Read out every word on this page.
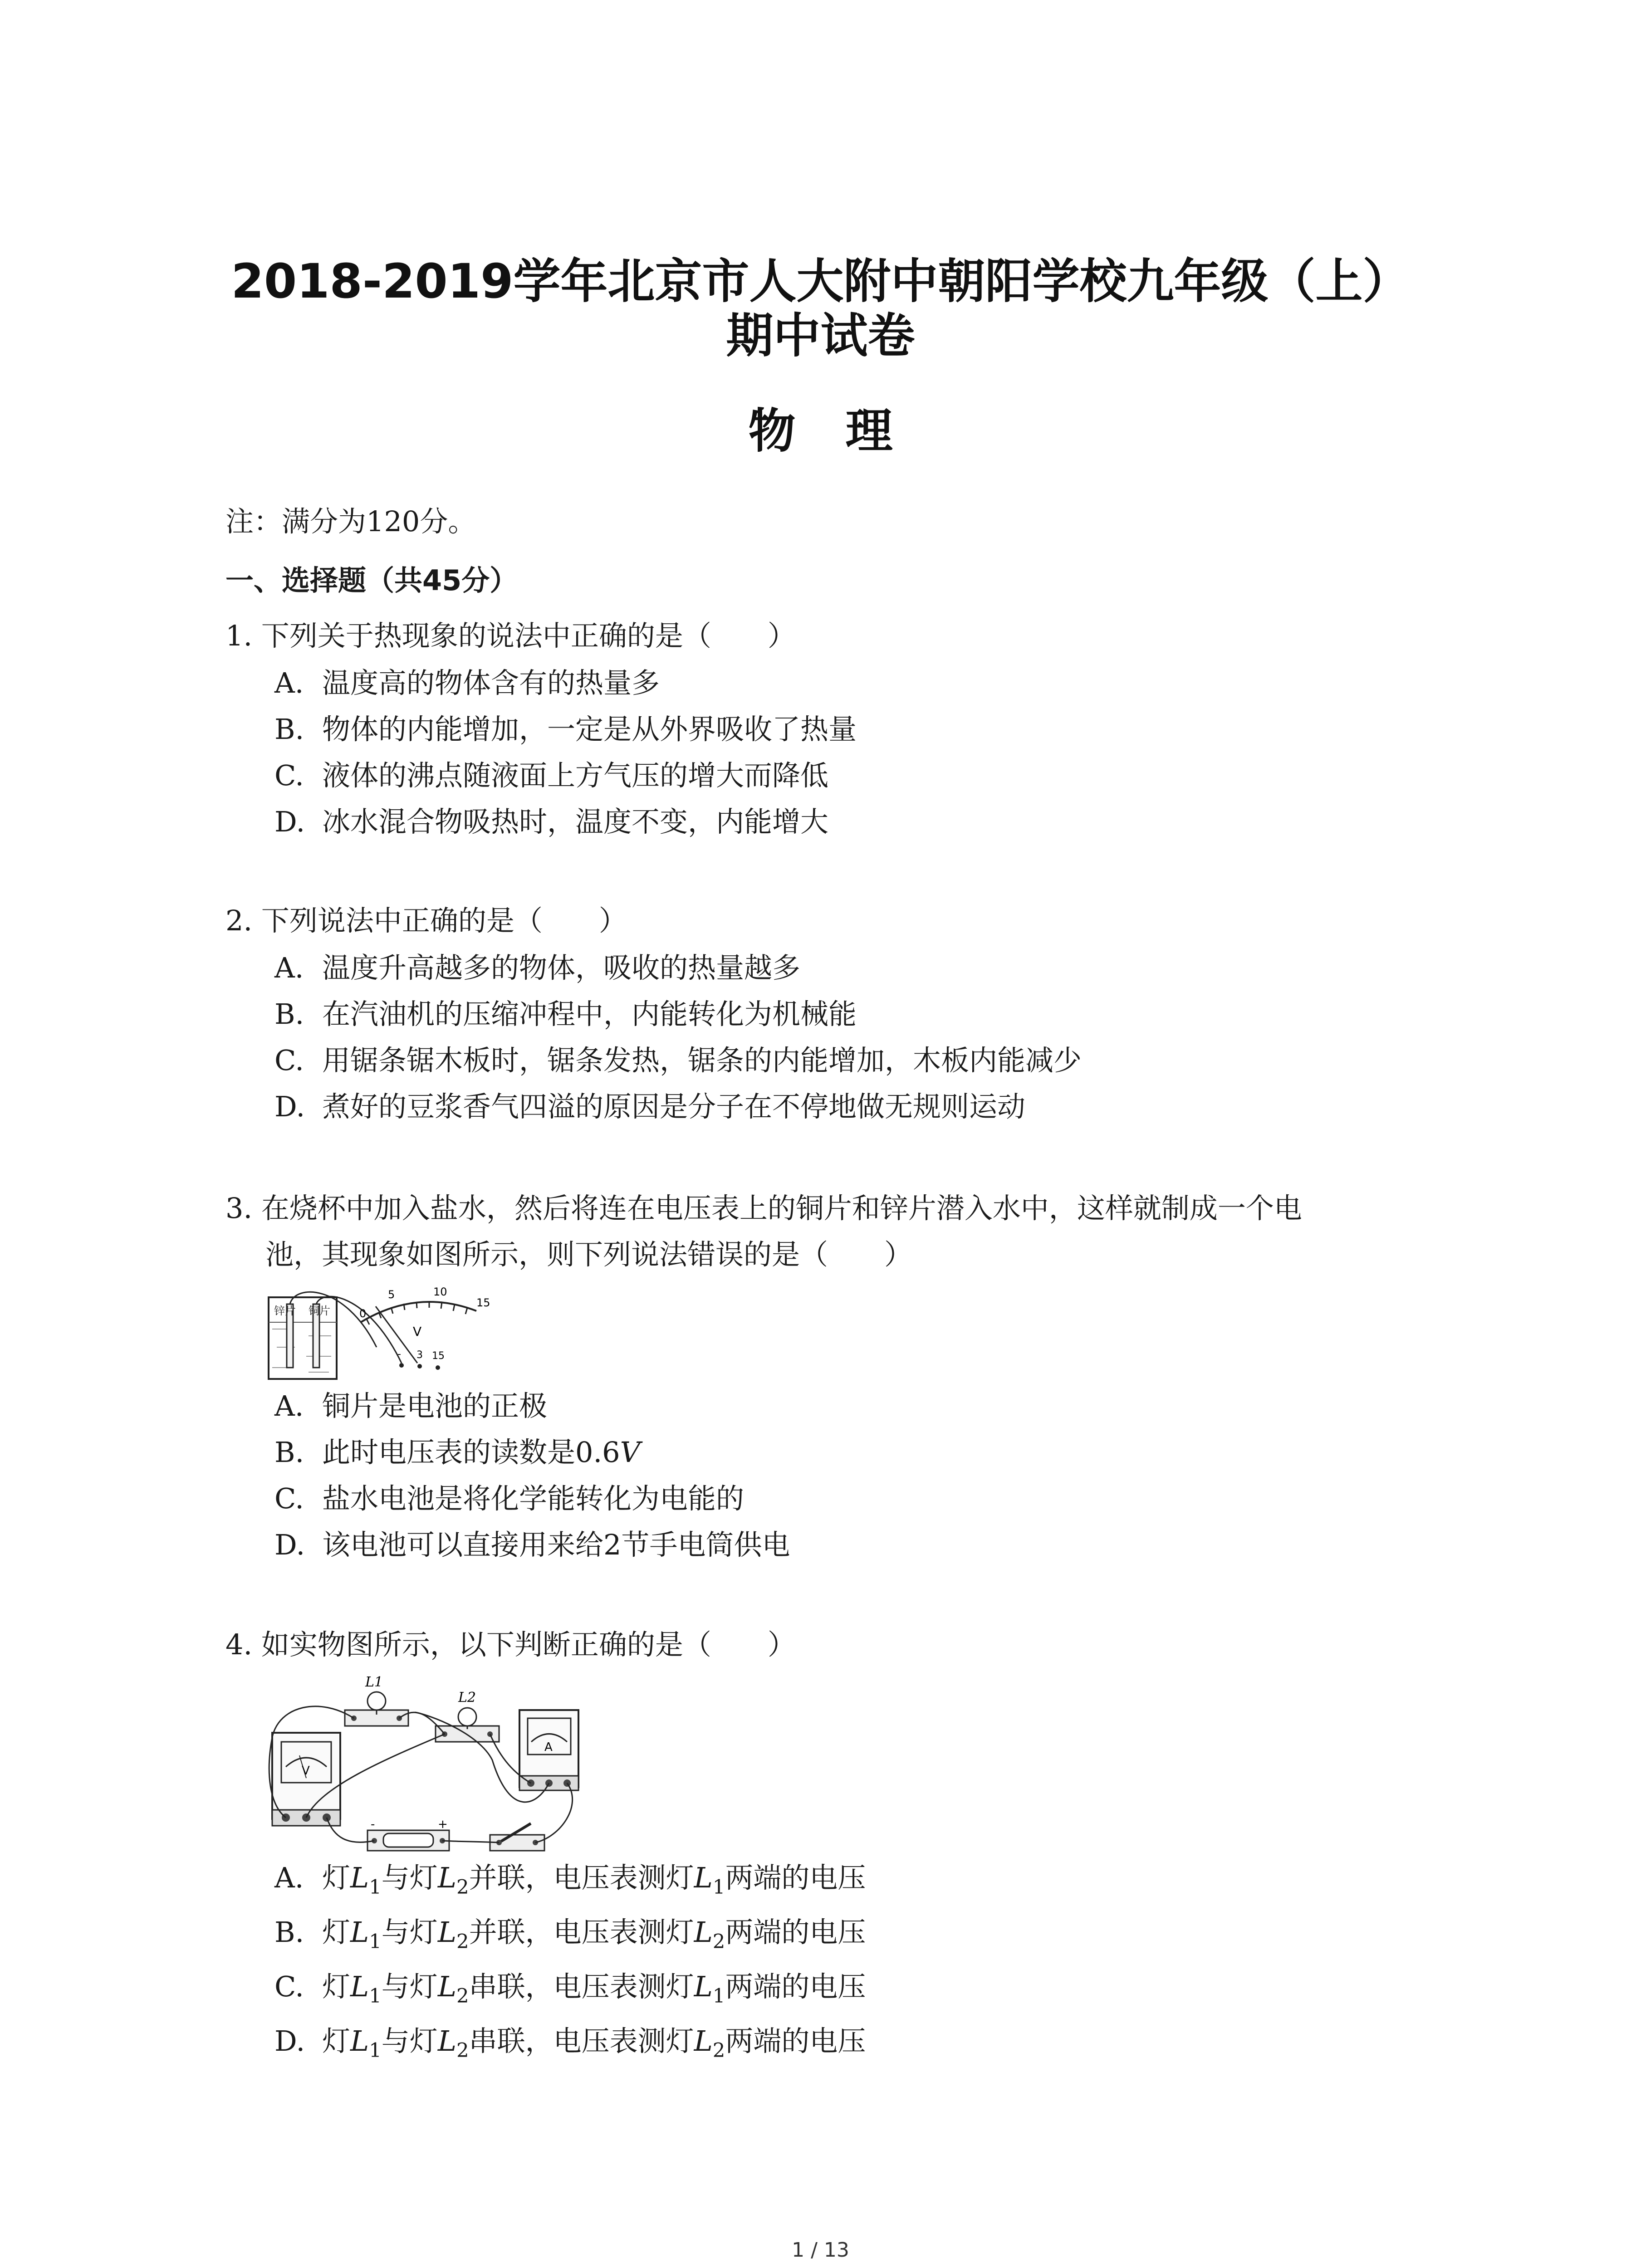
2018-2019学年北京市人大附中朝阳学校九年级（上）
期中试卷
物理
注：满分为120分。
一、选择题（共45分）
1. 下列关于热现象的说法中正确的是（　　）
A. 温度高的物体含有的热量多
B. 物体的内能增加，一定是从外界吸收了热量
C. 液体的沸点随液面上方气压的增大而降低
D. 冰水混合物吸热时，温度不变，内能增大
2. 下列说法中正确的是（　　）
A. 温度升高越多的物体，吸收的热量越多
B. 在汽油机的压缩冲程中，内能转化为机械能
C. 用锯条锯木板时，锯条发热，锯条的内能增加，木板内能减少
D. 煮好的豆浆香气四溢的原因是分子在不停地做无规则运动
3. 在烧杯中加入盐水，然后将连在电压表上的铜片和锌片潜入水中，这样就制成一个电
池，其现象如图所示，则下列说法错误的是（　　）
锌片 铜片	0
5	10
15
V
- 3 15
A. 铜片是电池的正极
B. 此时电压表的读数是0.6V
C. 盐水电池是将化学能转化为电能的
D. 该电池可以直接用来给2节手电筒供电
4. 如实物图所示，以下判断正确的是（　　）
V
L1
L2
A
-	+
A. 灯$L_1$与灯$L_2$并联，电压表测灯$L_1$两端的电压
B. 灯$L_1$与灯$L_2$并联，电压表测灯$L_2$两端的电压
C. 灯$L_1$与灯$L_2$串联，电压表测灯$L_1$两端的电压
D. 灯$L_1$与灯$L_2$串联，电压表测灯$L_2$两端的电压
1 / 13
